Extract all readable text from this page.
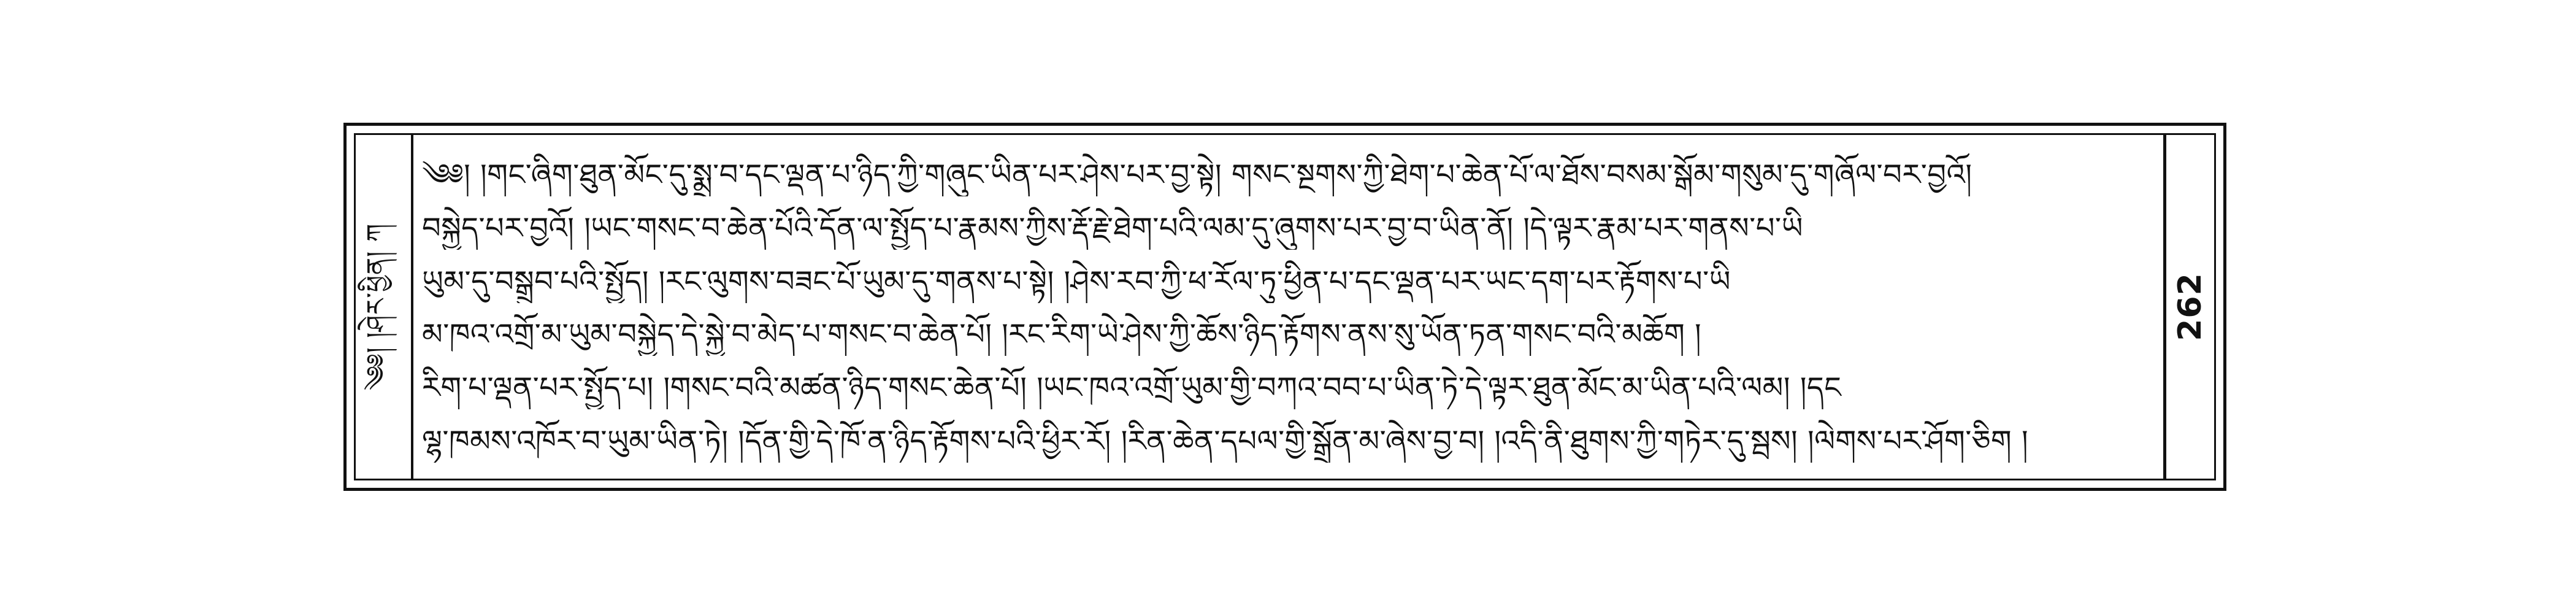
༄༅། །ཤེར་ཕྱིན། ཀ
༄༅། །གང་ཞིག་ཐུན་མོང་དུ་སྨྲ་བ་དང་ལྡན་པ་ཉིད་ཀྱི་གཞུང་ཡིན་པར་ཤེས་པར་བྱ་སྟེ། གསང་སྔགས་ཀྱི་ཐེག་པ་ཆེན་པོ་ལ་ཐོས་བསམ་སྒོམ་གསུམ་དུ་གཞོལ་བར་བྱའོ།
བསྐྱེད་པར་བྱའོ། །ཡང་གསང་བ་ཆེན་པོའི་དོན་ལ་སྤྱོད་པ་རྣམས་ཀྱིས་རྡོ་རྗེ་ཐེག་པའི་ལམ་དུ་ཞུགས་པར་བྱ་བ་ཡིན་ནོ། །དེ་ལྟར་རྣམ་པར་གནས་པ་ཡི
ཡུམ་དུ་བསྒྲུབ་པའི་སྤྱོད། །རང་ལུགས་བཟང་པོ་ཡུམ་དུ་གནས་པ་སྟེ། །ཤེས་རབ་ཀྱི་ཕ་རོལ་ཏུ་ཕྱིན་པ་དང་ལྡན་པར་ཡང་དག་པར་རྟོགས་པ་ཡི
མ་ཁའ་འགྲོ་མ་ཡུམ་བསྐྱེད་དེ་སྐྱེ་བ་མེད་པ་གསང་བ་ཆེན་པོ། །རང་རིག་ཡེ་ཤེས་ཀྱི་ཆོས་ཉིད་རྟོགས་ནས་སུ་ཡོན་ཏན་གསང་བའི་མཆོག །
རིག་པ་ལྡན་པར་སྤྱོད་པ། །གསང་བའི་མཚན་ཉིད་གསང་ཆེན་པོ། །ཡང་ཁའ་འགྲོ་ཡུམ་གྱི་བཀའ་བབ་པ་ཡིན་ཏེ་དེ་ལྟར་ཐུན་མོང་མ་ཡིན་པའི་ལམ། །དང
ལྷ་ཁམས་འཁོར་བ་ཡུམ་ཡིན་ཏེ། །དོན་གྱི་དེ་ཁོ་ན་ཉིད་རྟོགས་པའི་ཕྱིར་རོ། །རིན་ཆེན་དཔལ་གྱི་སྒྲོན་མ་ཞེས་བྱ་བ། །འདི་ནི་ཐུགས་ཀྱི་གཏེར་དུ་སྦས། །ལེགས་པར་ཤོག་ཅིག །
262
